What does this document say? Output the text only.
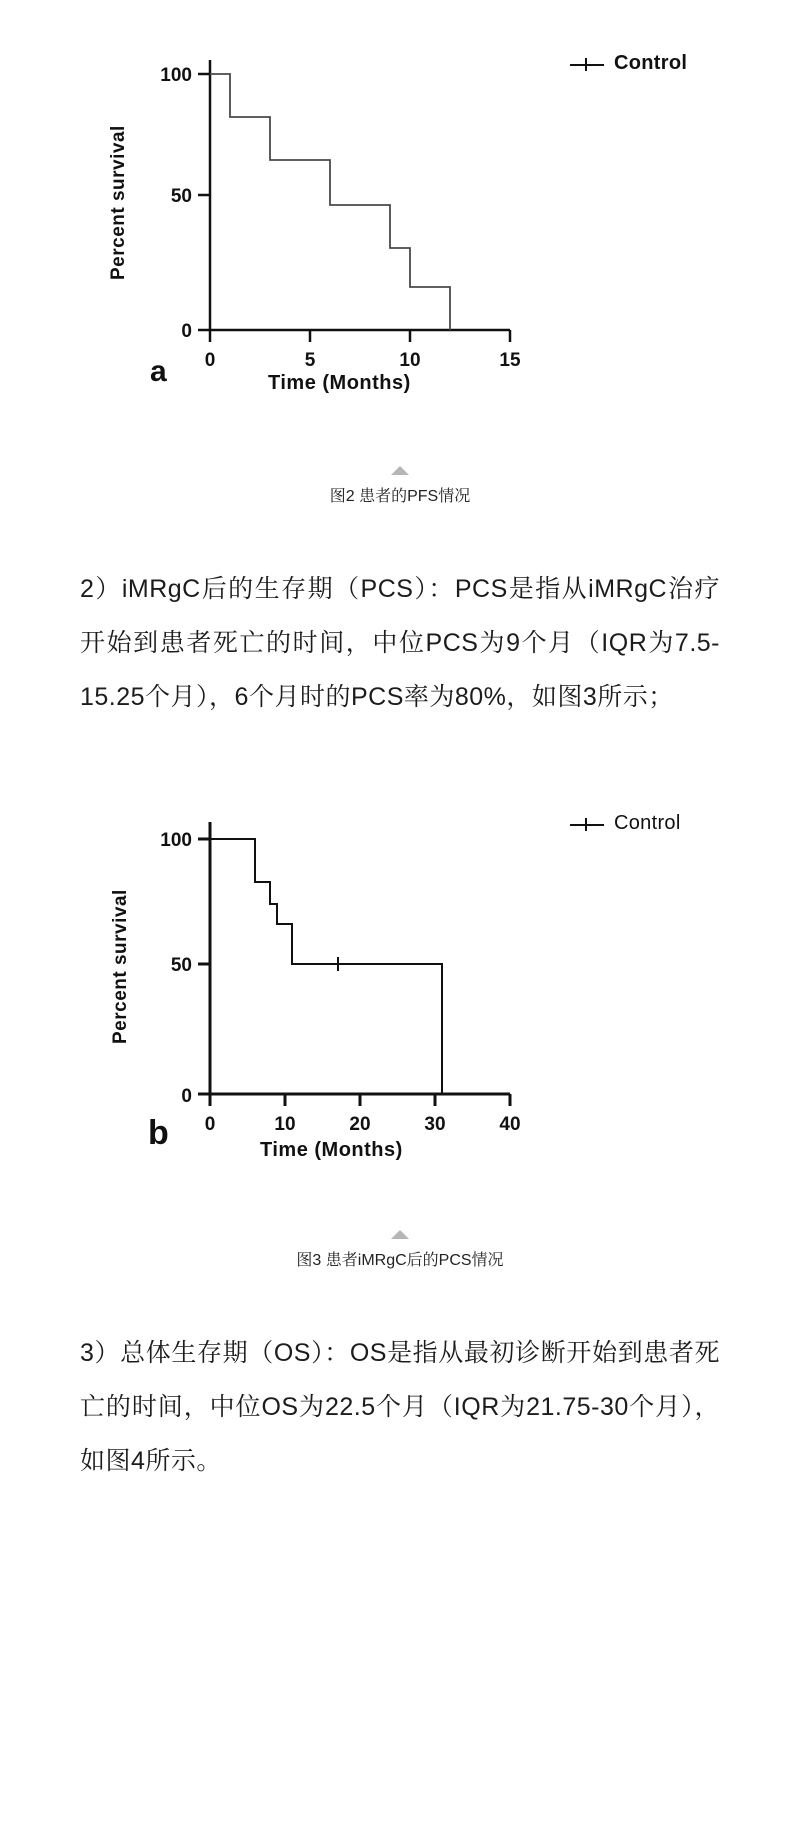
Control
Percent survival
0
50
100
0	5	10	15
a	Time (Months)
图2 患者的PFS情况

2）iMRgC后的生存期（PCS）：PCS是指从iMRgC治疗开始到患者死亡的时间，中位PCS为9个月（IQR为7.5-15.25个月），6个月时的PCS率为80%，如图3所示；

Control
Percent survival
0
50
100
0	10	20	30	40
b	Time (Months)
图3 患者iMRgC后的PCS情况

3）总体生存期（OS）：OS是指从最初诊断开始到患者死亡的时间，中位OS为22.5个月（IQR为21.75-30个月），如图4所示。
